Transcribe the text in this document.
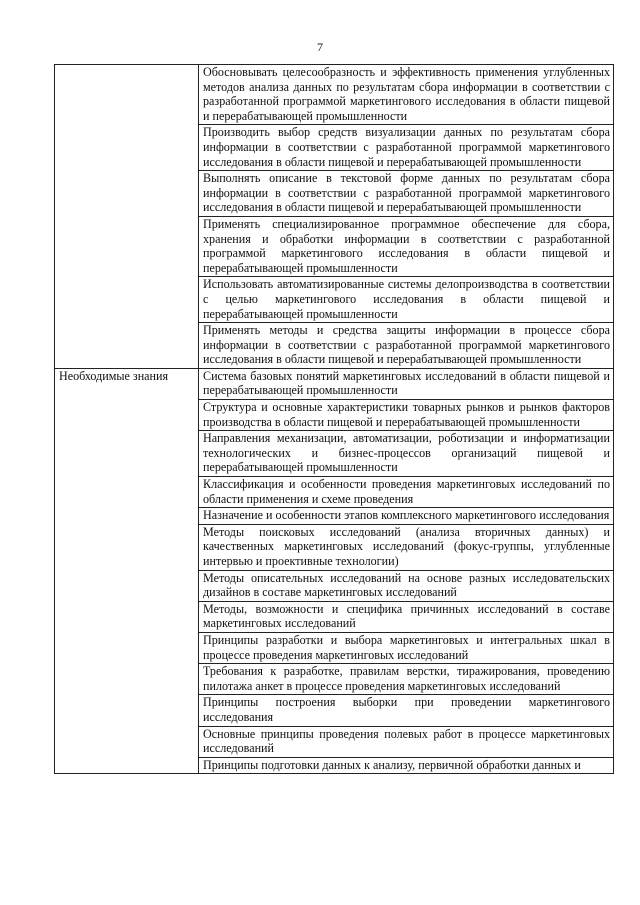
7
	Обосновывать целесообразность и эффективность применения углубленных методов анализа данных по результатам сбора информации в соответствии с разработанной программой маркетингового исследования в области пищевой и перерабатывающей промышленности
	Производить выбор средств визуализации данных по результатам сбора информации в соответствии с разработанной программой маркетингового исследования в области пищевой и перерабатывающей промышленности
	Выполнять описание в текстовой форме данных по результатам сбора информации в соответствии с разработанной программой маркетингового исследования в области пищевой и перерабатывающей промышленности
	Применять специализированное программное обеспечение для сбора, хранения и обработки информации в соответствии с разработанной программой маркетингового исследования в области пищевой и перерабатывающей промышленности
	Использовать автоматизированные системы делопроизводства в соответствии с целью маркетингового исследования в области пищевой и перерабатывающей промышленности
	Применять методы и средства защиты информации в процессе сбора информации в соответствии с разработанной программой маркетингового исследования в области пищевой и перерабатывающей промышленности
Необходимые знания	Система базовых понятий маркетинговых исследований в области пищевой и перерабатывающей промышленности
	Структура и основные характеристики товарных рынков и рынков факторов производства в области пищевой и перерабатывающей промышленности
	Направления механизации, автоматизации, роботизации и информатизации технологических и бизнес-процессов организаций пищевой и перерабатывающей промышленности
	Классификация и особенности проведения маркетинговых исследований по области применения и схеме проведения
	Назначение и особенности этапов комплексного маркетингового исследования
	Методы поисковых исследований (анализа вторичных данных) и качественных маркетинговых исследований (фокус-группы, углубленные интервью и проективные технологии)
	Методы описательных исследований на основе разных исследовательских дизайнов в составе маркетинговых исследований
	Методы, возможности и специфика причинных исследований в составе маркетинговых исследований
	Принципы разработки и выбора маркетинговых и интегральных шкал в процессе проведения маркетинговых исследований
	Требования к разработке, правилам верстки, тиражирования, проведению пилотажа анкет в процессе проведения маркетинговых исследований
	Принципы построения выборки при проведении маркетингового исследования
	Основные принципы проведения полевых работ в процессе маркетинговых исследований
	Принципы подготовки данных к анализу, первичной обработки данных и
